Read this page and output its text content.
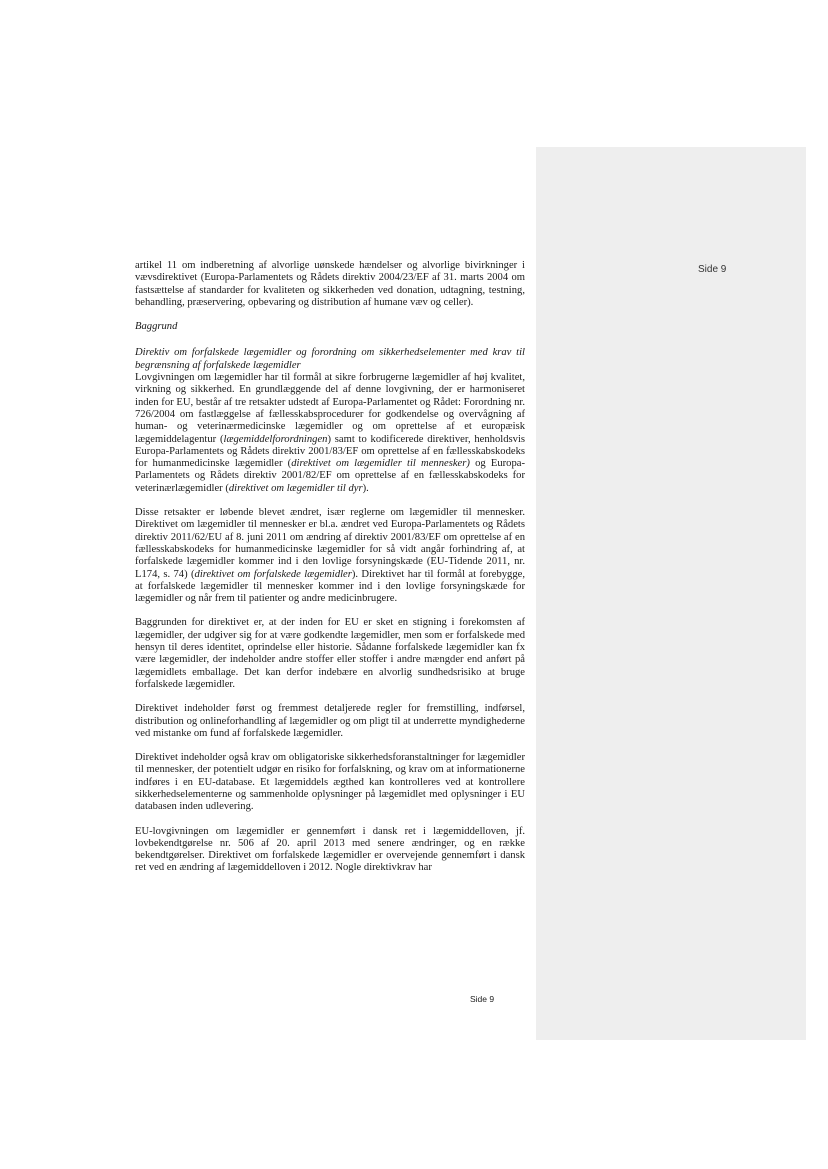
Side 9

artikel 11 om indberetning af alvorlige uønskede hændelser og alvorlige bivirkninger i vævsdirektivet (Europa-Parlamentets og Rådets direktiv 2004/23/EF af 31. marts 2004 om fastsættelse af standarder for kvaliteten og sikkerheden ved donation, udtagning, testning, behandling, præservering, opbevaring og distribution af humane væv og celler).

Baggrund
Direktiv om forfalskede lægemidler og forordning om sikkerhedselementer med krav til begrænsning af forfalskede lægemidler

Lovgivningen om lægemidler har til formål at sikre forbrugerne lægemidler af høj kvalitet, virkning og sikkerhed. En grundlæggende del af denne lovgivning, der er harmoniseret inden for EU, består af tre retsakter udstedt af Europa-Parlamentet og Rådet: Forordning nr. 726/2004 om fastlæggelse af fællesskabsprocedurer for godkendelse og overvågning af human- og veterinærmedicinske lægemidler og om oprettelse af et europæisk lægemiddelagentur (lægemiddelforordningen) samt to kodificerede direktiver, henholdsvis Europa-Parlamentets og Rådets direktiv 2001/83/EF om oprettelse af en fællesskabskodeks for humanmedicinske lægemidler (direktivet om lægemidler til mennesker) og Europa-Parlamentets og Rådets direktiv 2001/82/EF om oprettelse af en fællesskabskodeks for veterinærlægemidler (direktivet om lægemidler til dyr).

Disse retsakter er løbende blevet ændret, især reglerne om lægemidler til mennesker. Direktivet om lægemidler til mennesker er bl.a. ændret ved Europa-Parlamentets og Rådets direktiv 2011/62/EU af 8. juni 2011 om ændring af direktiv 2001/83/EF om oprettelse af en fællesskabskodeks for humanmedicinske lægemidler for så vidt angår forhindring af, at forfalskede lægemidler kommer ind i den lovlige forsyningskæde (EU-Tidende 2011, nr. L174, s. 74) (direktivet om forfalskede lægemidler). Direktivet har til formål at forebygge, at forfalskede lægemidler til mennesker kommer ind i den lovlige forsyningskæde for lægemidler og når frem til patienter og andre medicinbrugere.

Baggrunden for direktivet er, at der inden for EU er sket en stigning i forekomsten af lægemidler, der udgiver sig for at være godkendte lægemidler, men som er forfalskede med hensyn til deres identitet, oprindelse eller historie. Sådanne forfalskede lægemidler kan fx være lægemidler, der indeholder andre stoffer eller stoffer i andre mængder end anført på lægemidlets emballage. Det kan derfor indebære en alvorlig sundhedsrisiko at bruge forfalskede lægemidler.

Direktivet indeholder først og fremmest detaljerede regler for fremstilling, indførsel, distribution og onlineforhandling af lægemidler og om pligt til at underrette myndighederne ved mistanke om fund af forfalskede lægemidler.

Direktivet indeholder også krav om obligatoriske sikkerhedsforanstaltninger for lægemidler til mennesker, der potentielt udgør en risiko for forfalskning, og krav om at informationerne indføres i en EU-database. Et lægemiddels ægthed kan kontrolleres ved at kontrollere sikkerhedselementerne og sammenholde oplysninger på lægemidlet med oplysninger i EU databasen inden udlevering.

EU-lovgivningen om lægemidler er gennemført i dansk ret i lægemiddelloven, jf. lovbekendtgørelse nr. 506 af 20. april 2013 med senere ændringer, og en række bekendtgørelser. Direktivet om forfalskede lægemidler er overvejende gennemført i dansk ret ved en ændring af lægemiddelloven i 2012. Nogle direktivkrav har

Side 9
